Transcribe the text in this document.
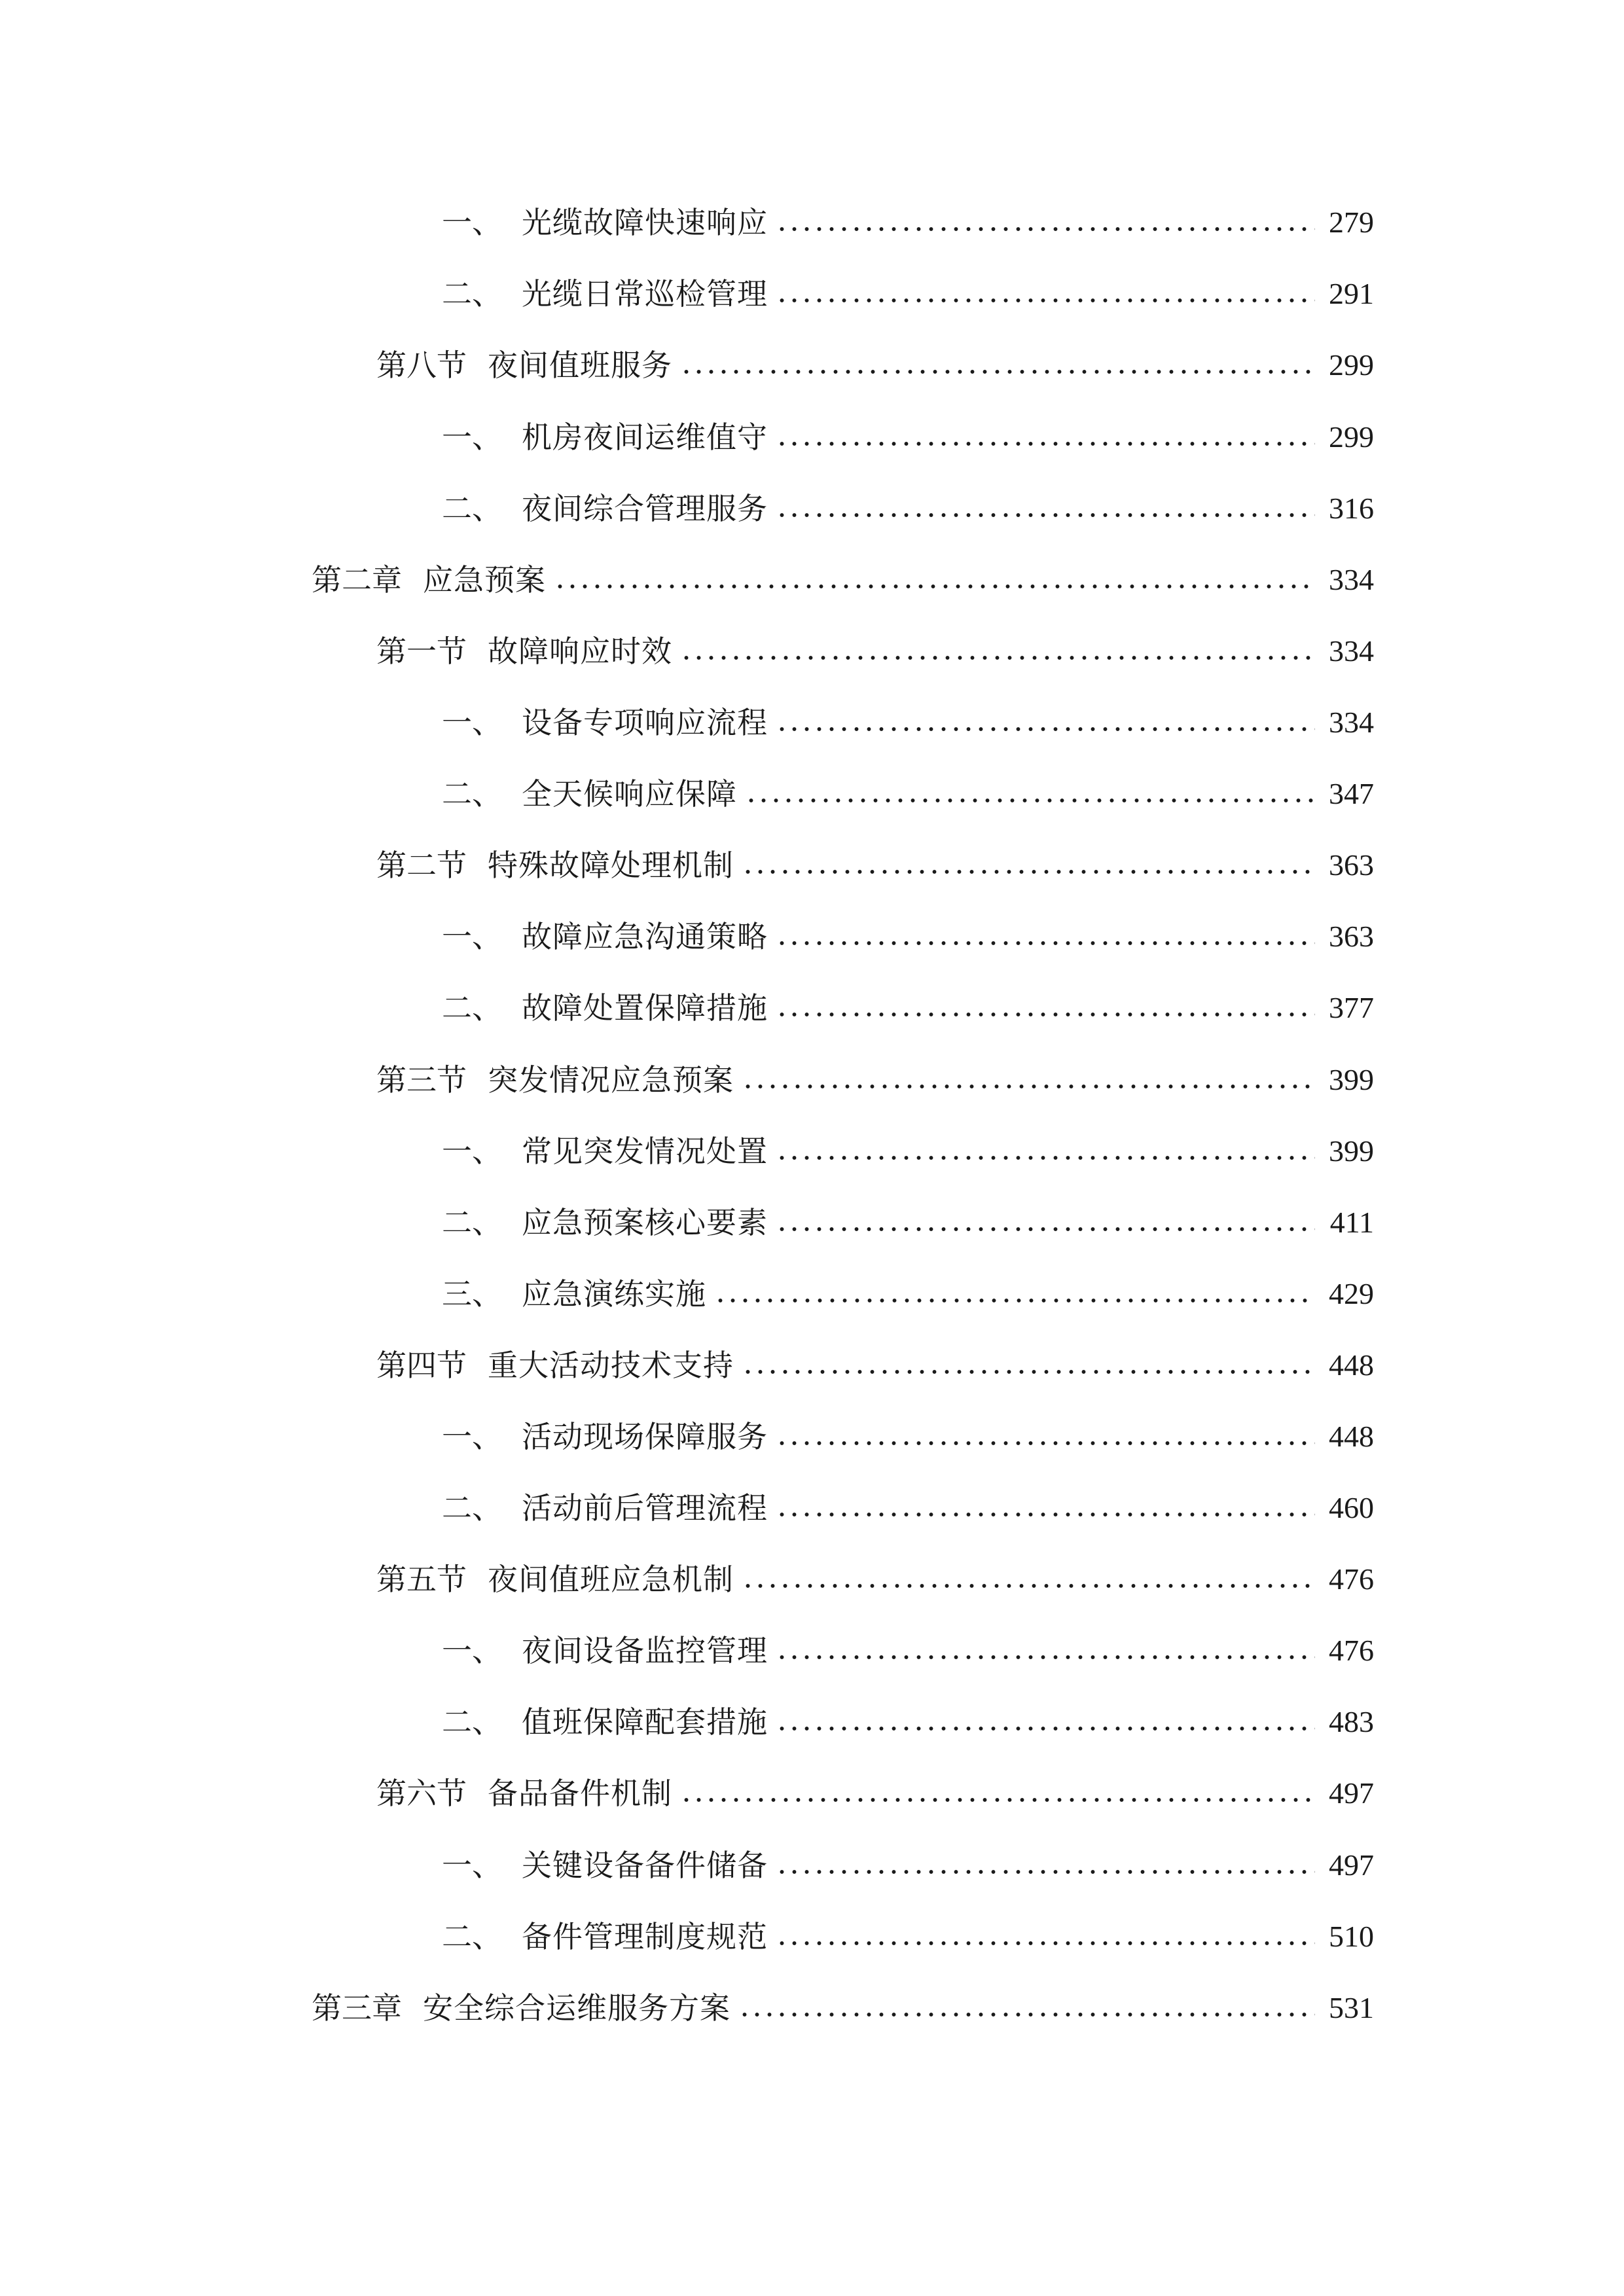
一、 光缆故障快速响应	279
二、 光缆日常巡检管理	291
第八节 夜间值班服务	299
一、 机房夜间运维值守	299
二、 夜间综合管理服务	316
第二章 应急预案	334
第一节 故障响应时效	334
一、 设备专项响应流程	334
二、 全天候响应保障	347
第二节 特殊故障处理机制	363
一、 故障应急沟通策略	363
二、 故障处置保障措施	377
第三节 突发情况应急预案	399
一、 常见突发情况处置	399
二、 应急预案核心要素	411
三、 应急演练实施	429
第四节 重大活动技术支持	448
一、 活动现场保障服务	448
二、 活动前后管理流程	460
第五节 夜间值班应急机制	476
一、 夜间设备监控管理	476
二、 值班保障配套措施	483
第六节 备品备件机制	497
一、 关键设备备件储备	497
二、 备件管理制度规范	510
第三章 安全综合运维服务方案	531
